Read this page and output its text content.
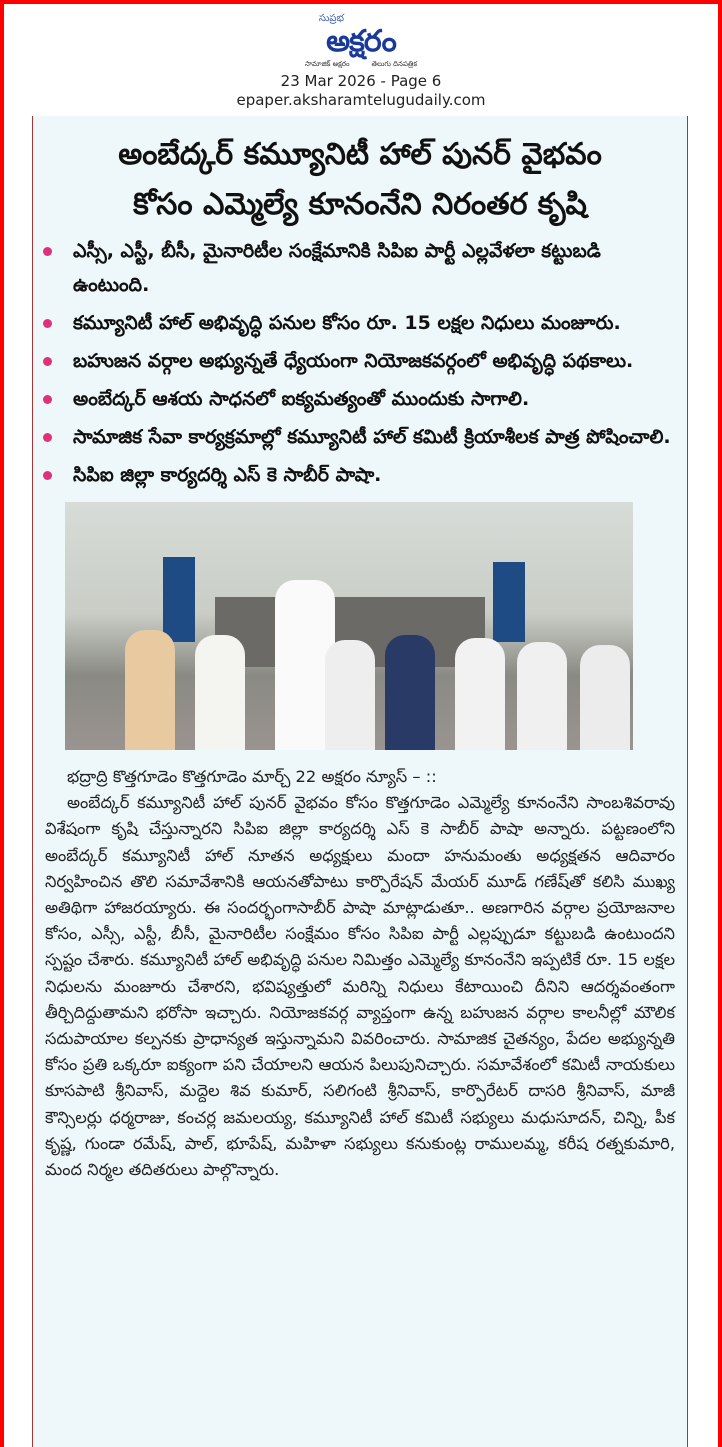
సుప్రభ
అక్షరం
సామాజిక్ అక్షరం	తెలుగు దినపత్రిక
23 Mar 2026 - Page 6
epaper.aksharamtelugudaily.com
అంబేద్కర్ కమ్యూనిటీ హాల్ పునర్ వైభవం
కోసం ఎమ్మెల్యే కూనంనేని నిరంతర కృషి
ఎస్సీ, ఎస్టీ, బీసీ, మైనారిటీల సంక్షేమానికి సిపిఐ పార్టీ ఎల్లవేళలా కట్టుబడి ఉంటుంది.
కమ్యూనిటీ హాల్ అభివృద్ధి పనుల కోసం రూ. 15 లక్షల నిధులు మంజూరు.
బహుజన వర్గాల అభ్యున్నతే ధ్యేయంగా నియోజకవర్గంలో అభివృద్ధి పథకాలు.
అంబేద్కర్ ఆశయ సాధనలో ఐక్యమత్యంతో ముందుకు సాగాలి.
సామాజిక సేవా కార్యక్రమాల్లో కమ్యూనిటీ హాల్ కమిటీ క్రియాశీలక పాత్ర పోషించాలి.
సిపిఐ జిల్లా కార్యదర్శి ఎస్ కె సాబీర్ పాషా.

భద్రాద్రి కొత్తగూడెం కొత్తగూడెం మార్చ్ 22 అక్షరం న్యూస్ – ::

అంబేద్కర్ కమ్యూనిటీ హాల్ పునర్ వైభవం కోసం కొత్తగూడెం ఎమ్మెల్యే కూనంనేని సాంబశివరావు విశేషంగా కృషి చేస్తున్నారని సిపిఐ జిల్లా కార్యదర్శి ఎస్ కె సాబీర్ పాషా అన్నారు. పట్టణంలోని అంబేద్కర్ కమ్యూనిటీ హాల్ నూతన అధ్యక్షులు మందా హనుమంతు అధ్యక్షతన ఆదివారం నిర్వహించిన తొలి సమావేశానికి ఆయనతోపాటు కార్పొరేషన్ మేయర్ మూడ్ గణేష్‌తో కలిసి ముఖ్య అతిథిగా హాజరయ్యారు. ఈ సందర్భంగాసాబీర్ పాషా మాట్లాడుతూ.. అణగారిన వర్గాల ప్రయోజనాల కోసం, ఎస్సీ, ఎస్టీ, బీసీ, మైనారిటీల సంక్షేమం కోసం సిపిఐ పార్టీ ఎల్లప్పుడూ కట్టుబడి ఉంటుందని స్పష్టం చేశారు. కమ్యూనిటీ హాల్ అభివృద్ధి పనుల నిమిత్తం ఎమ్మెల్యే కూనంనేని ఇప్పటికే రూ. 15 లక్షల నిధులను మంజూరు చేశారని, భవిష్యత్తులో మరిన్ని నిధులు కేటాయించి దీనిని ఆదర్శవంతంగా తీర్చిదిద్దుతామని భరోసా ఇచ్చారు. నియోజకవర్గ వ్యాప్తంగా ఉన్న బహుజన వర్గాల కాలనీల్లో మౌలిక సదుపాయాల కల్పనకు ప్రాధాన్యత ఇస్తున్నామని వివరించారు. సామాజిక చైతన్యం, పేదల అభ్యున్నతి కోసం ప్రతి ఒక్కరూ ఐక్యంగా పని చేయాలని ఆయన పిలుపునిచ్చారు. సమావేశంలో కమిటీ నాయకులు కూసపాటి శ్రీనివాస్, మద్దెల శివ కుమార్, సలిగంటి శ్రీనివాస్, కార్పొరేటర్ దాసరి శ్రీనివాస్, మాజీ కౌన్సిలర్లు ధర్మరాజు, కంచర్ల జమలయ్య, కమ్యూనిటీ హాల్ కమిటీ సభ్యులు మధుసూదన్, చిన్ని, పీక కృష్ణ, గుండా రమేష్, పాల్, భూపేష్, మహిళా సభ్యులు కనుకుంట్ల రాములమ్మ, కరీష రత్నకుమారి, మంద నిర్మల తదితరులు పాల్గొన్నారు.
